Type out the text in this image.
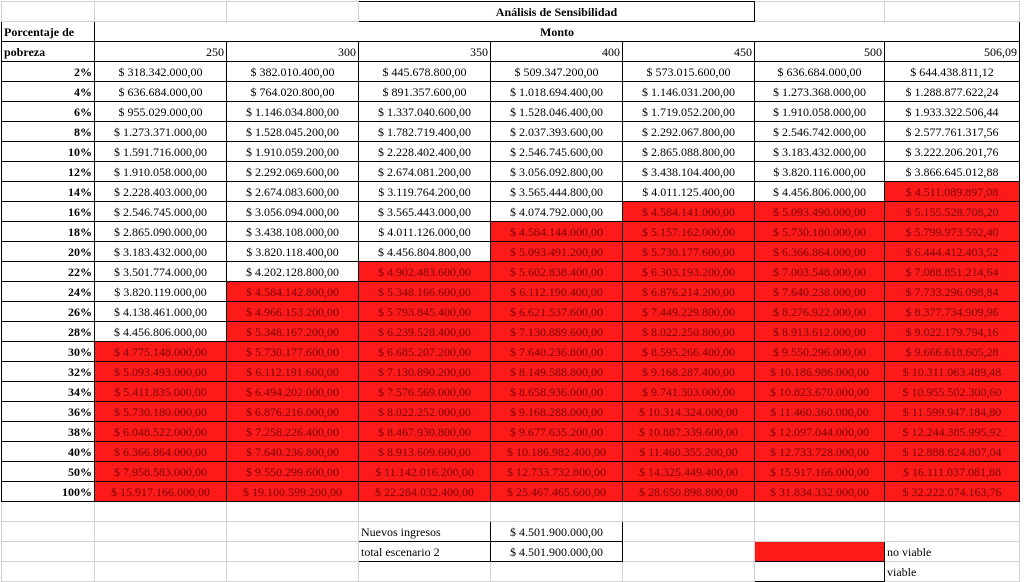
			Análisis de Sensibilidad				
Porcentaje de	Monto						
pobreza	250	300	350	400	450	500	506,09
2%	$ 318.342.000,00	$ 382.010.400,00	$ 445.678.800,00	$ 509.347.200,00	$ 573.015.600,00	$ 636.684.000,00	$ 644.438.811,12
4%	$ 636.684.000,00	$ 764.020.800,00	$ 891.357.600,00	$ 1.018.694.400,00	$ 1.146.031.200,00	$ 1.273.368.000,00	$ 1.288.877.622,24
6%	$ 955.029.000,00	$ 1.146.034.800,00	$ 1.337.040.600,00	$ 1.528.046.400,00	$ 1.719.052.200,00	$ 1.910.058.000,00	$ 1.933.322.506,44
8%	$ 1.273.371.000,00	$ 1.528.045.200,00	$ 1.782.719.400,00	$ 2.037.393.600,00	$ 2.292.067.800,00	$ 2.546.742.000,00	$ 2.577.761.317,56
10%	$ 1.591.716.000,00	$ 1.910.059.200,00	$ 2.228.402.400,00	$ 2.546.745.600,00	$ 2.865.088.800,00	$ 3.183.432.000,00	$ 3.222.206.201,76
12%	$ 1.910.058.000,00	$ 2.292.069.600,00	$ 2.674.081.200,00	$ 3.056.092.800,00	$ 3.438.104.400,00	$ 3.820.116.000,00	$ 3.866.645.012,88
14%	$ 2.228.403.000,00	$ 2.674.083.600,00	$ 3.119.764.200,00	$ 3.565.444.800,00	$ 4.011.125.400,00	$ 4.456.806.000,00	$ 4.511.089.897,08
16%	$ 2.546.745.000,00	$ 3.056.094.000,00	$ 3.565.443.000,00	$ 4.074.792.000,00	$ 4.584.141.000,00	$ 5.093.490.000,00	$ 5.155.528.708,20
18%	$ 2.865.090.000,00	$ 3.438.108.000,00	$ 4.011.126.000,00	$ 4.584.144.000,00	$ 5.157.162.000,00	$ 5.730.180.000,00	$ 5.799.973.592,40
20%	$ 3.183.432.000,00	$ 3.820.118.400,00	$ 4.456.804.800,00	$ 5.093.491.200,00	$ 5.730.177.600,00	$ 6.366.864.000,00	$ 6.444.412.403,52
22%	$ 3.501.774.000,00	$ 4.202.128.800,00	$ 4.902.483.600,00	$ 5.602.838.400,00	$ 6.303.193.200,00	$ 7.003.548.000,00	$ 7.088.851.214,64
24%	$ 3.820.119.000,00	$ 4.584.142.800,00	$ 5.348.166.600,00	$ 6.112.190.400,00	$ 6.876.214.200,00	$ 7.640.238.000,00	$ 7.733.296.098,84
26%	$ 4.138.461.000,00	$ 4.966.153.200,00	$ 5.793.845.400,00	$ 6.621.537.600,00	$ 7.449.229.800,00	$ 8.276.922.000,00	$ 8.377.734.909,96
28%	$ 4.456.806.000,00	$ 5.348.167.200,00	$ 6.239.528.400,00	$ 7.130.889.600,00	$ 8.022.250.800,00	$ 8.913.612.000,00	$ 9.022.179.794,16
30%	$ 4.775.148.000,00	$ 5.730.177.600,00	$ 6.685.207.200,00	$ 7.640.236.800,00	$ 8.595.266.400,00	$ 9.550.296.000,00	$ 9.666.618.605,28
32%	$ 5.093.493.000,00	$ 6.112.191.600,00	$ 7.130.890.200,00	$ 8.149.588.800,00	$ 9.168.287.400,00	$ 10.186.986.000,00	$ 10.311.063.489,48
34%	$ 5.411.835.000,00	$ 6.494.202.000,00	$ 7.576.569.000,00	$ 8.658.936.000,00	$ 9.741.303.000,00	$ 10.823.670.000,00	$ 10.955.502.300,60
36%	$ 5.730.180.000,00	$ 6.876.216.000,00	$ 8.022.252.000,00	$ 9.168.288.000,00	$ 10.314.324.000,00	$ 11.460.360.000,00	$ 11.599.947.184,80
38%	$ 6.048.522.000,00	$ 7.258.226.400,00	$ 8.467.930.800,00	$ 9.677.635.200,00	$ 10.887.339.600,00	$ 12.097.044.000,00	$ 12.244.385.995,92
40%	$ 6.366.864.000,00	$ 7.640.236.800,00	$ 8.913.609.600,00	$ 10.186.982.400,00	$ 11.460.355.200,00	$ 12.733.728.000,00	$ 12.888.824.807,04
50%	$ 7.958.583.000,00	$ 9.550.299.600,00	$ 11.142.016.200,00	$ 12.733.732.800,00	$ 14.325.449.400,00	$ 15.917.166.000,00	$ 16.111.037.081,88
100%	$ 15.917.166.000,00	$ 19.100.599.200,00	$ 22.284.032.400,00	$ 25.467.465.600,00	$ 28.650.898.800,00	$ 31.834.332.000,00	$ 32.222.074.163,76

			Nuevos ingresos	$ 4.501.900.000,00			
			total escenario 2	$ 4.501.900.000,00			no viable
							viable
